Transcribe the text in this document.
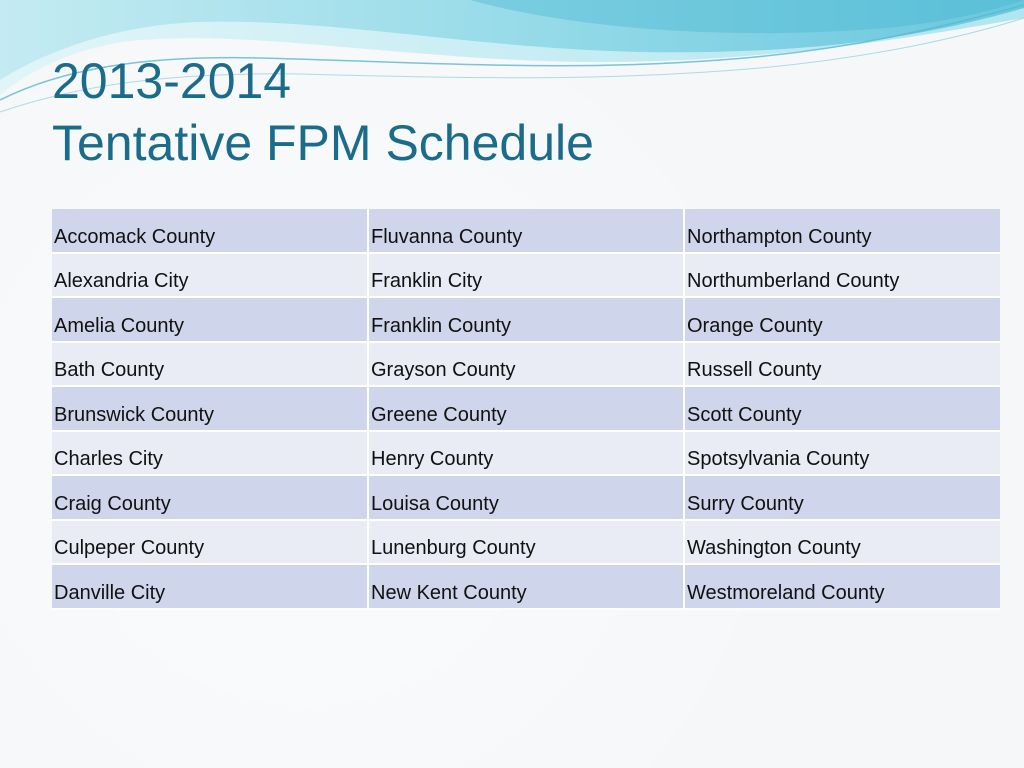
2013-2014
Tentative FPM Schedule
Accomack County	Fluvanna County	Northampton County
Alexandria City	Franklin City	Northumberland County
Amelia County	Franklin County	Orange County
Bath County	Grayson County	Russell County
Brunswick County	Greene County	Scott County
Charles City	Henry County	Spotsylvania County
Craig County	Louisa County	Surry County
Culpeper County	Lunenburg County	Washington County
Danville City	New Kent County	Westmoreland County
